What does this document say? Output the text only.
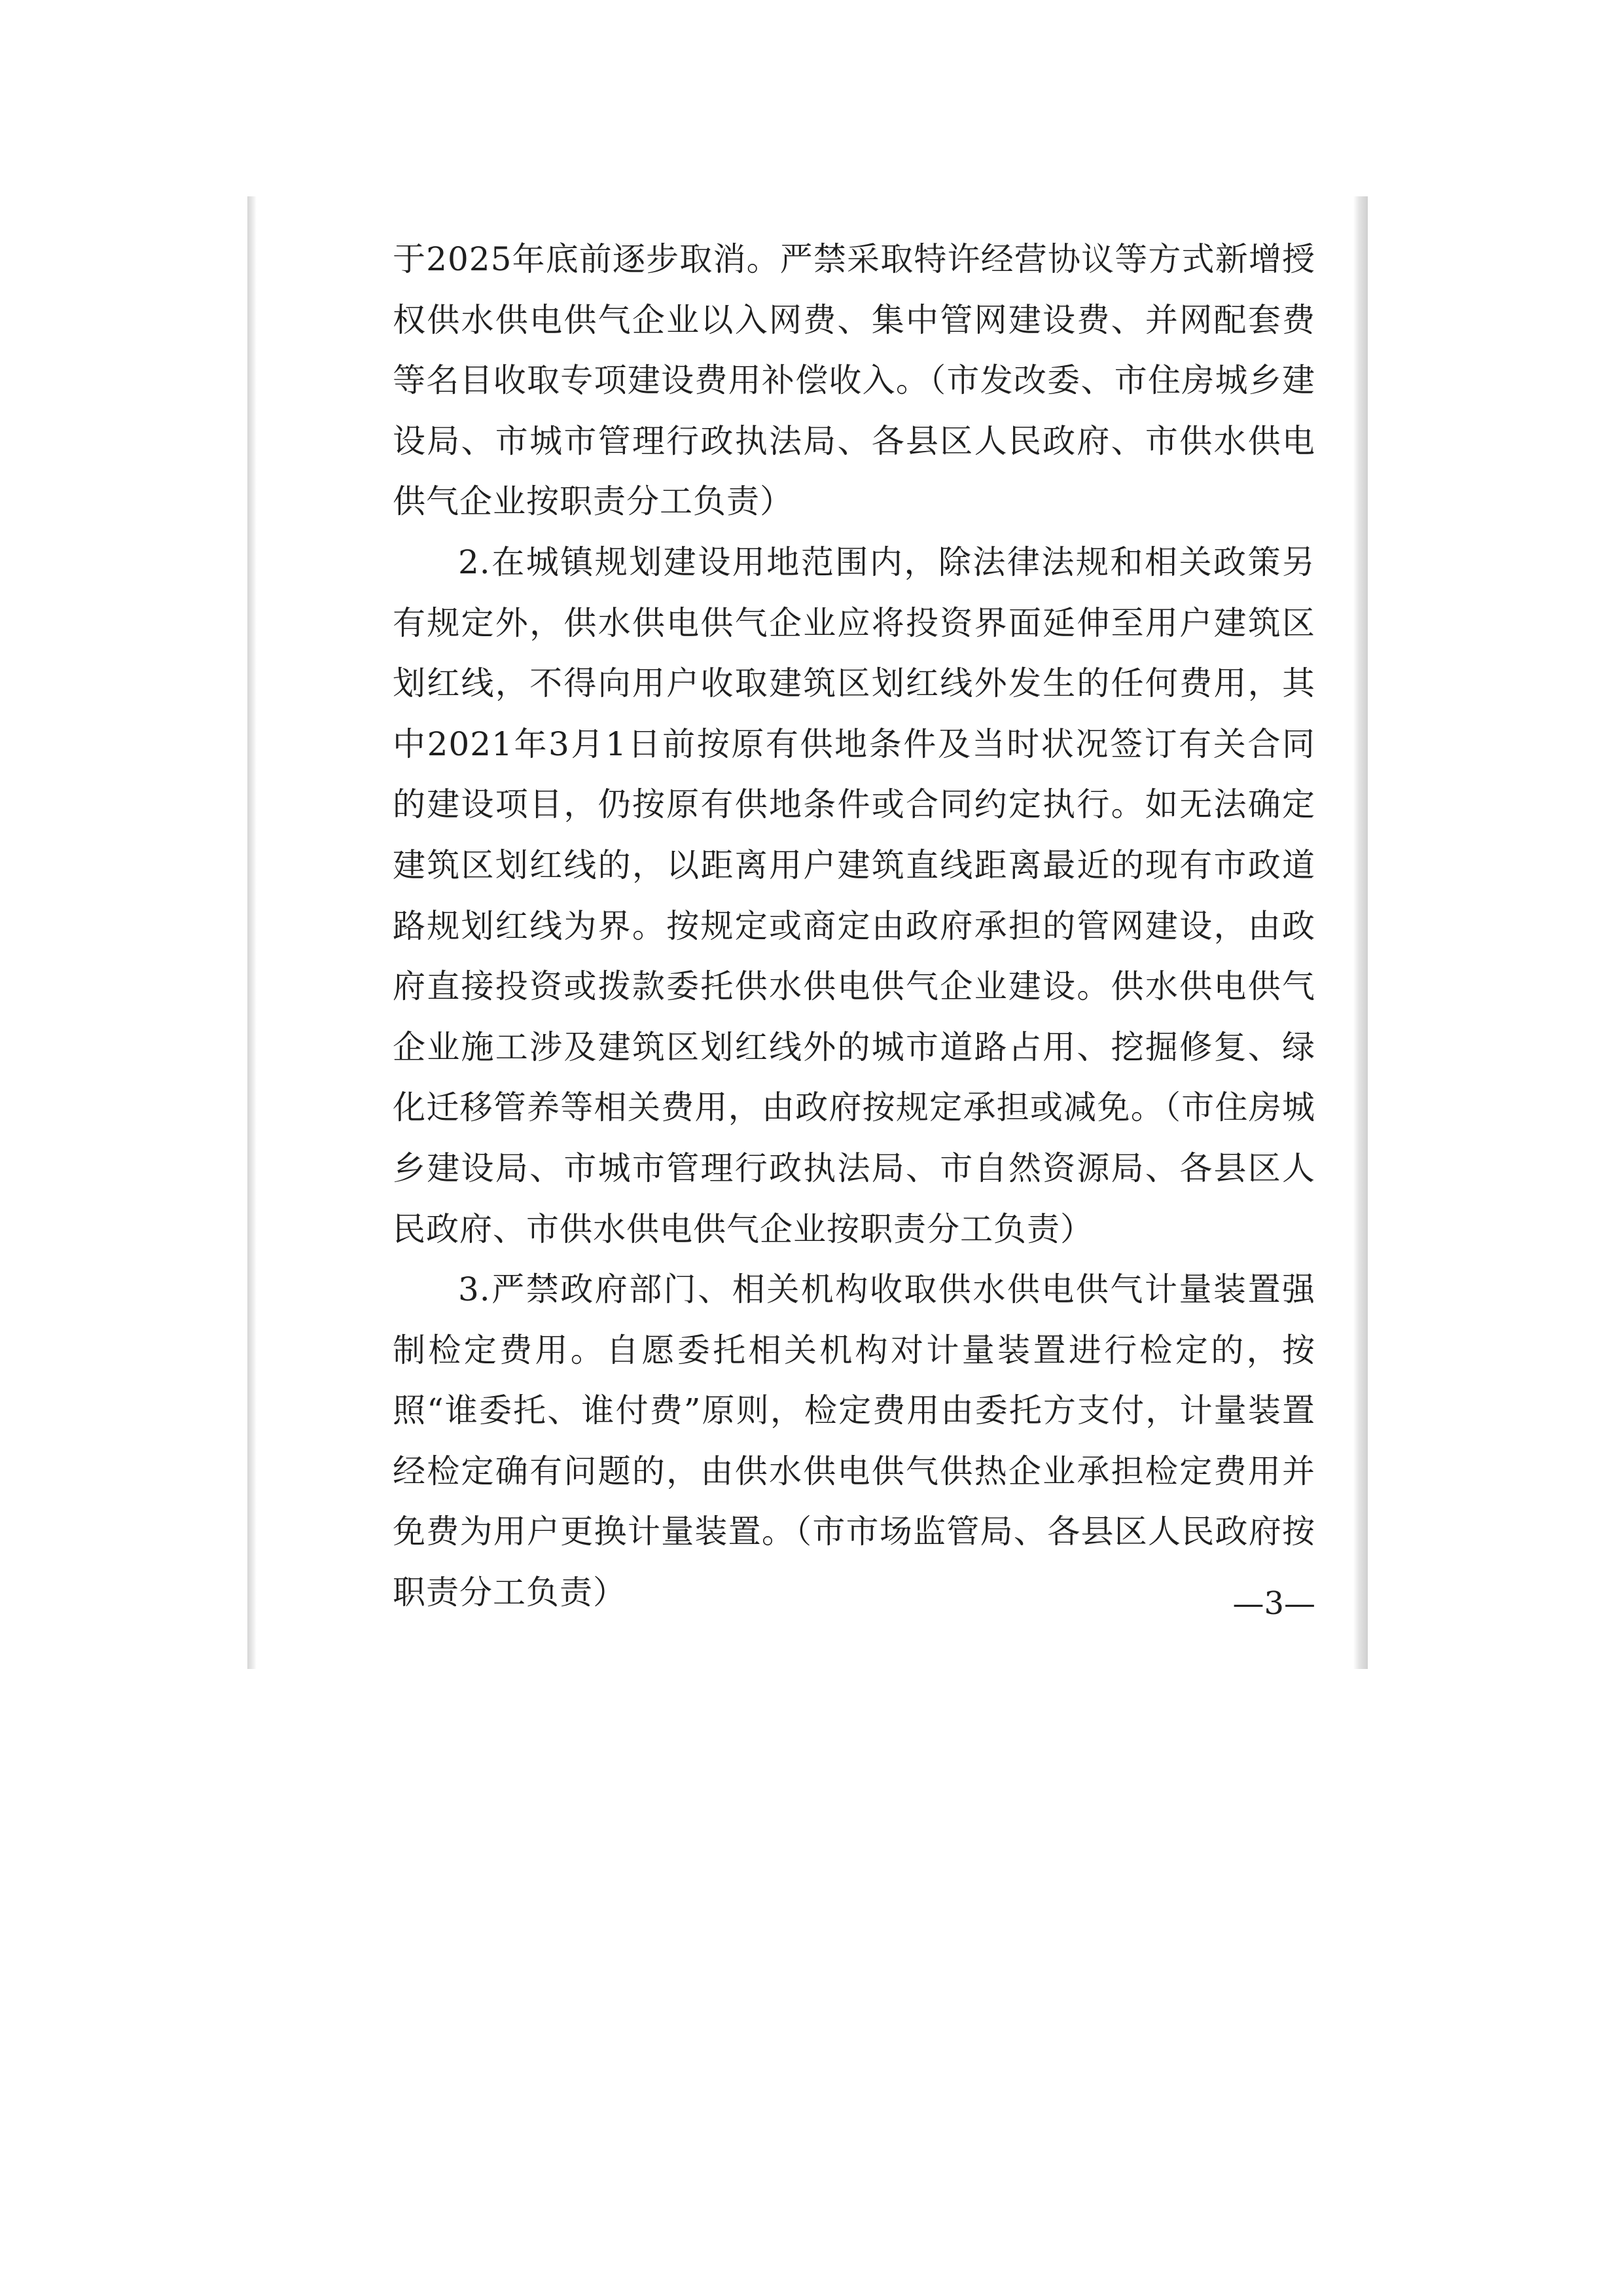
于2025年底前逐步取消。严禁采取特许经营协议等方式新增授权供水供电供气企业以入网费、集中管网建设费、并网配套费等名目收取专项建设费用补偿收入。（市发改委、市住房城乡建设局、市城市管理行政执法局、各县区人民政府、市供水供电供气企业按职责分工负责）

2.在城镇规划建设用地范围内，除法律法规和相关政策另有规定外，供水供电供气企业应将投资界面延伸至用户建筑区划红线，不得向用户收取建筑区划红线外发生的任何费用，其中2021年3月1日前按原有供地条件及当时状况签订有关合同的建设项目，仍按原有供地条件或合同约定执行。如无法确定建筑区划红线的，以距离用户建筑直线距离最近的现有市政道路规划红线为界。按规定或商定由政府承担的管网建设，由政府直接投资或拨款委托供水供电供气企业建设。供水供电供气企业施工涉及建筑区划红线外的城市道路占用、挖掘修复、绿化迁移管养等相关费用，由政府按规定承担或减免。（市住房城乡建设局、市城市管理行政执法局、市自然资源局、各县区人民政府、市供水供电供气企业按职责分工负责）

3.严禁政府部门、相关机构收取供水供电供气计量装置强制检定费用。自愿委托相关机构对计量装置进行检定的，按照“谁委托、谁付费”原则，检定费用由委托方支付，计量装置经检定确有问题的，由供水供电供气供热企业承担检定费用并免费为用户更换计量装置。（市市场监管局、各县区人民政府按职责分工负责）	—3—
